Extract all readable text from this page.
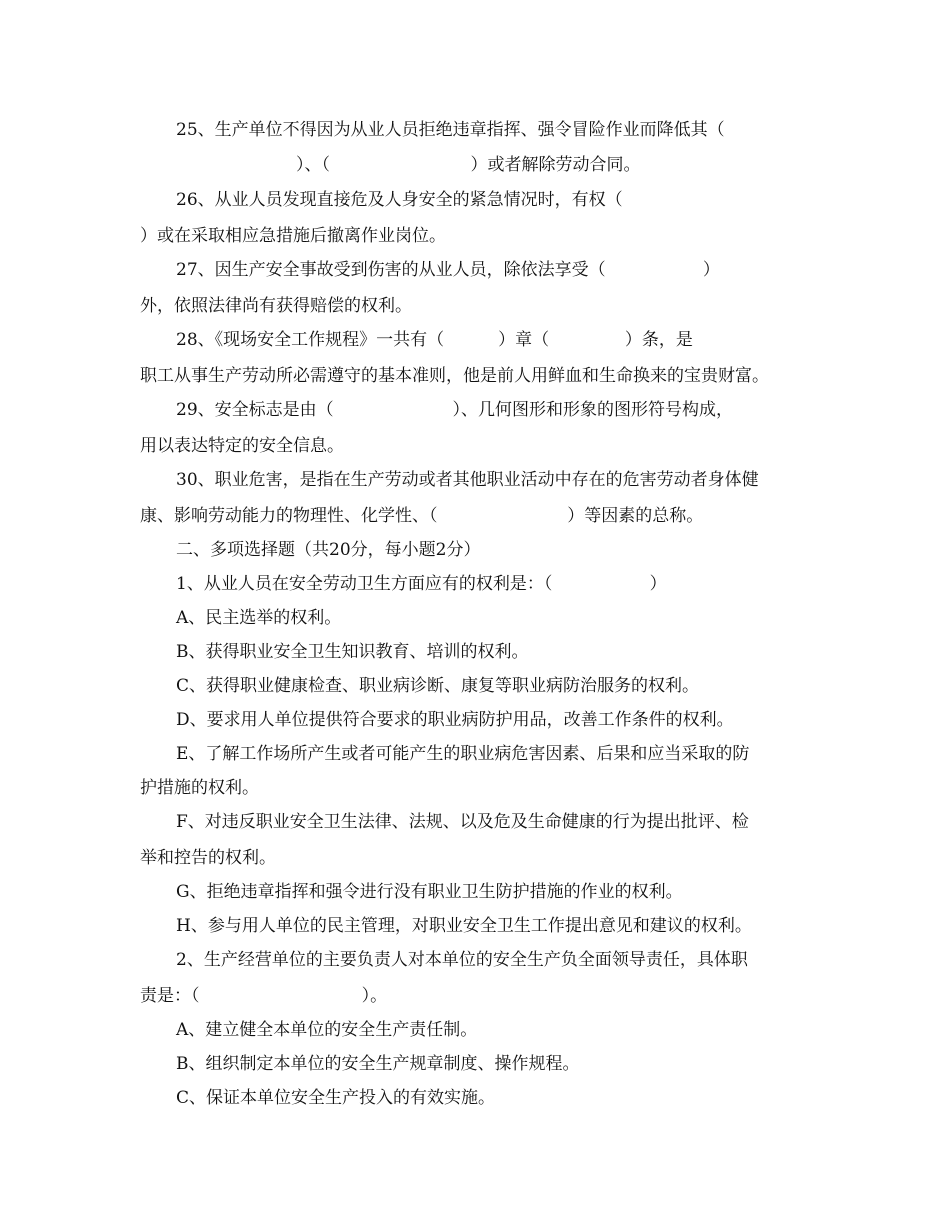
25、生产单位不得因为从业人员拒绝违章指挥、强令冒险作业而降低其（
）、（                          ）或者解除劳动合同。
26、从业人员发现直接危及人身安全的紧急情况时，有权（
）或在采取相应急措施后撤离作业岗位。
27、因生产安全事故受到伤害的从业人员，除依法享受（                  ）
外，依照法律尚有获得赔偿的权利。
28、《现场安全工作规程》一共有（          ）章（              ）条，是
职工从事生产劳动所必需遵守的基本准则，他是前人用鲜血和生命换来的宝贵财富。
29、安全标志是由（                      ）、几何图形和形象的图形符号构成，
用以表达特定的安全信息。
30、职业危害，是指在生产劳动或者其他职业活动中存在的危害劳动者身体健
康、影响劳动能力的物理性、化学性、（                        ）等因素的总称。
二、多项选择题（共20分，每小题2分）
1、从业人员在安全劳动卫生方面应有的权利是：（                  ）
A、民主选举的权利。
B、获得职业安全卫生知识教育、培训的权利。
C、获得职业健康检查、职业病诊断、康复等职业病防治服务的权利。
D、要求用人单位提供符合要求的职业病防护用品，改善工作条件的权利。
E、了解工作场所产生或者可能产生的职业病危害因素、后果和应当采取的防
护措施的权利。
F、对违反职业安全卫生法律、法规、以及危及生命健康的行为提出批评、检
举和控告的权利。
G、拒绝违章指挥和强令进行没有职业卫生防护措施的作业的权利。
H、参与用人单位的民主管理，对职业安全卫生工作提出意见和建议的权利。
2、生产经营单位的主要负责人对本单位的安全生产负全面领导责任，具体职
责是：（                              ）。
A、建立健全本单位的安全生产责任制。
B、组织制定本单位的安全生产规章制度、操作规程。
C、保证本单位安全生产投入的有效实施。
